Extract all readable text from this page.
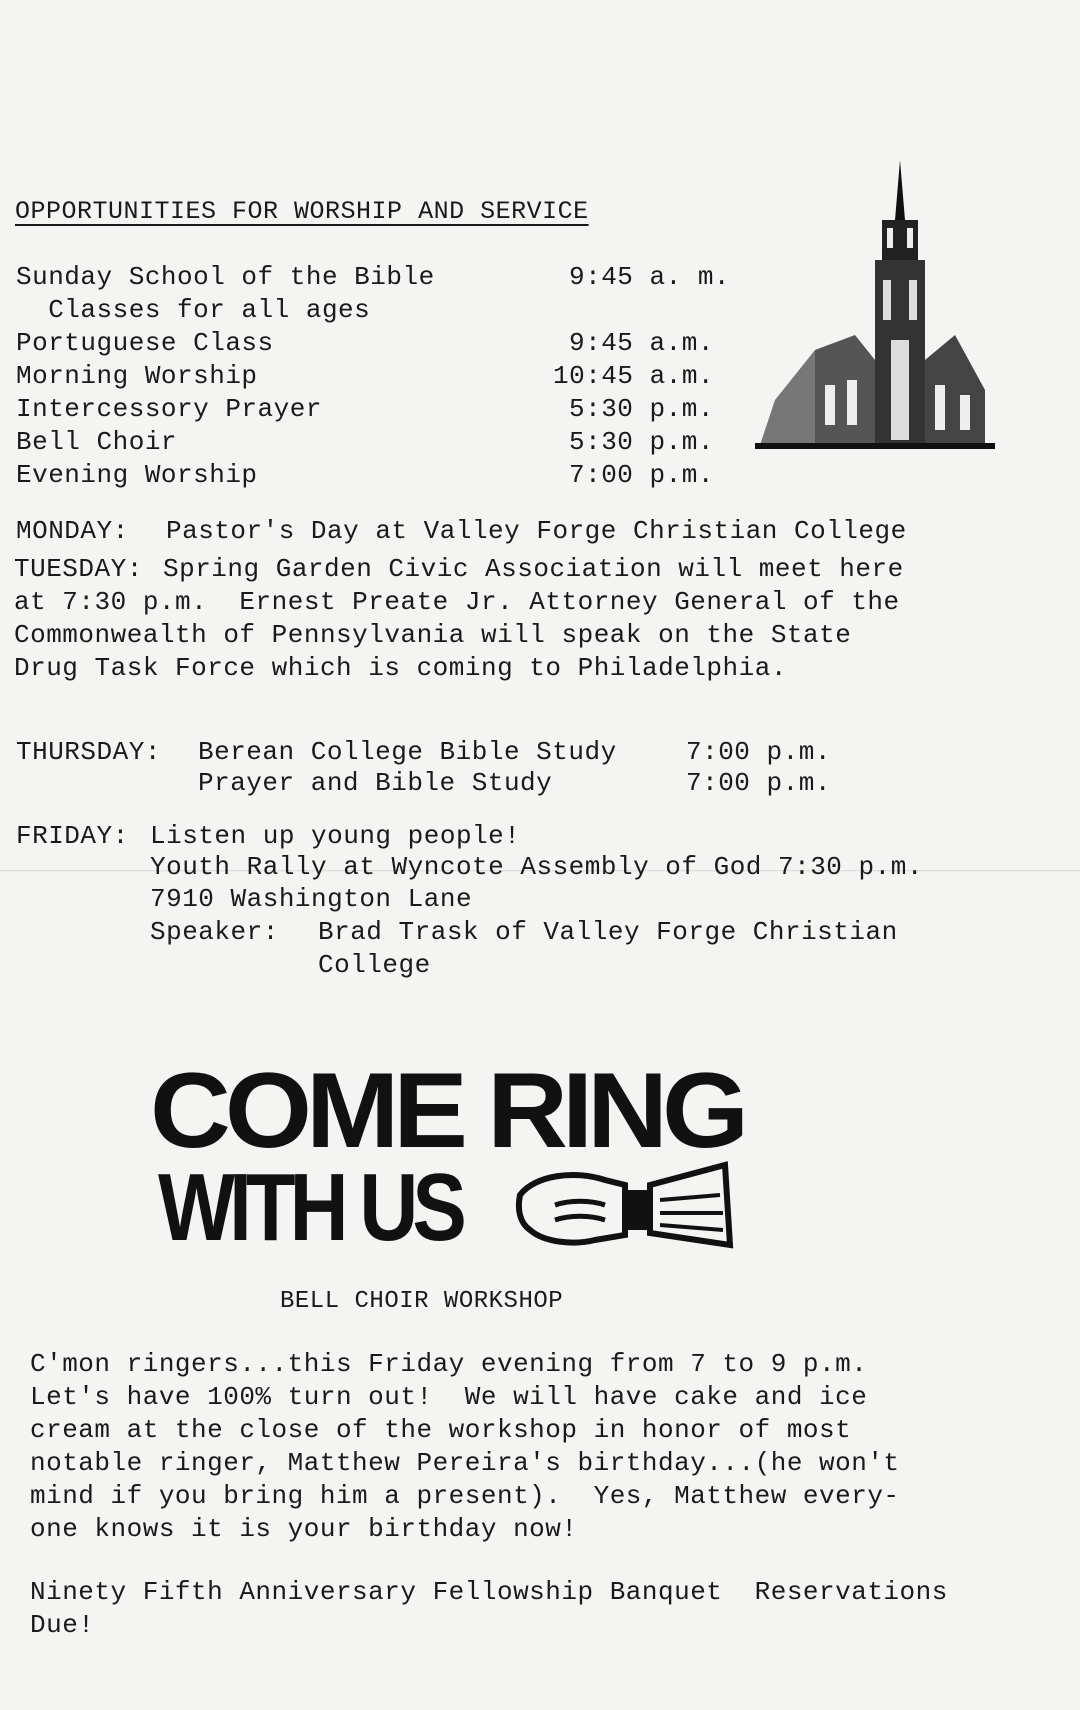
OPPORTUNITIES FOR WORSHIP AND SERVICE
Sunday School of the Bible	9:45 a. m.
Classes for all ages
Portuguese Class	9:45 a.m.
Morning Worship	10:45 a.m.
Intercessory Prayer	5:30 p.m.
Bell Choir	5:30 p.m.
Evening Worship	7:00 p.m.
MONDAY: Pastor's Day at Valley Forge Christian College
TUESDAY: Spring Garden Civic Association will meet here
at 7:30 p.m.  Ernest Preate Jr. Attorney General of the
Commonwealth of Pennsylvania will speak on the State
Drug Task Force which is coming to Philadelphia.
THURSDAY: Berean College Bible Study	7:00 p.m.
Prayer and Bible Study	7:00 p.m.
FRIDAY: Listen up young people!
Youth Rally at Wyncote Assembly of God 7:30 p.m.
7910 Washington Lane
Speaker: Brad Trask of Valley Forge Christian
College
COME RING
WITH US
BELL CHOIR WORKSHOP
C'mon ringers...this Friday evening from 7 to 9 p.m.
Let's have 100% turn out!  We will have cake and ice
cream at the close of the workshop in honor of most
notable ringer, Matthew Pereira's birthday...(he won't
mind if you bring him a present).  Yes, Matthew every-
one knows it is your birthday now!
Ninety Fifth Anniversary Fellowship Banquet  Reservations
Due!
